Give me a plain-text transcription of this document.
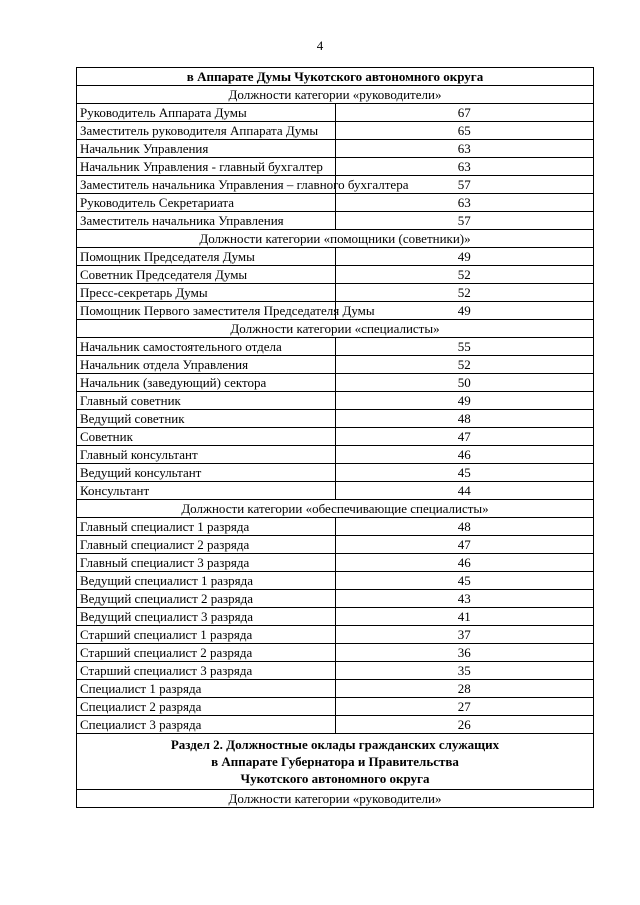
4
в Аппарате Думы Чукотского автономного округа	
Должности категории «руководители»	
Руководитель Аппарата Думы	67
Заместитель руководителя Аппарата Думы	65
Начальник Управления	63
Начальник Управления - главный бухгалтер	63
Заместитель начальника Управления – главного бухгалтера	57
Руководитель Секретариата	63
Заместитель начальника Управления	57
Должности категории «помощники (советники)»	
Помощник Председателя Думы	49
Советник Председателя Думы	52
Пресс-секретарь Думы	52
Помощник Первого заместителя Председателя Думы	49
Должности категории «специалисты»	
Начальник самостоятельного отдела	55
Начальник отдела Управления	52
Начальник (заведующий) сектора	50
Главный советник	49
Ведущий советник	48
Советник	47
Главный консультант	46
Ведущий консультант	45
Консультант	44
Должности категории «обеспечивающие специалисты»	
Главный специалист 1 разряда	48
Главный специалист 2 разряда	47
Главный специалист 3 разряда	46
Ведущий специалист 1 разряда	45
Ведущий специалист 2 разряда	43
Ведущий специалист 3 разряда	41
Старший специалист 1 разряда	37
Старший специалист 2 разряда	36
Старший специалист 3 разряда	35
Специалист 1 разряда	28
Специалист 2 разряда	27
Специалист 3 разряда	26

Раздел 2. Должностные оклады гражданских служащих
в Аппарате Губернатора и Правительства
Чукотского автономного округа	

Должности категории «руководители»	
